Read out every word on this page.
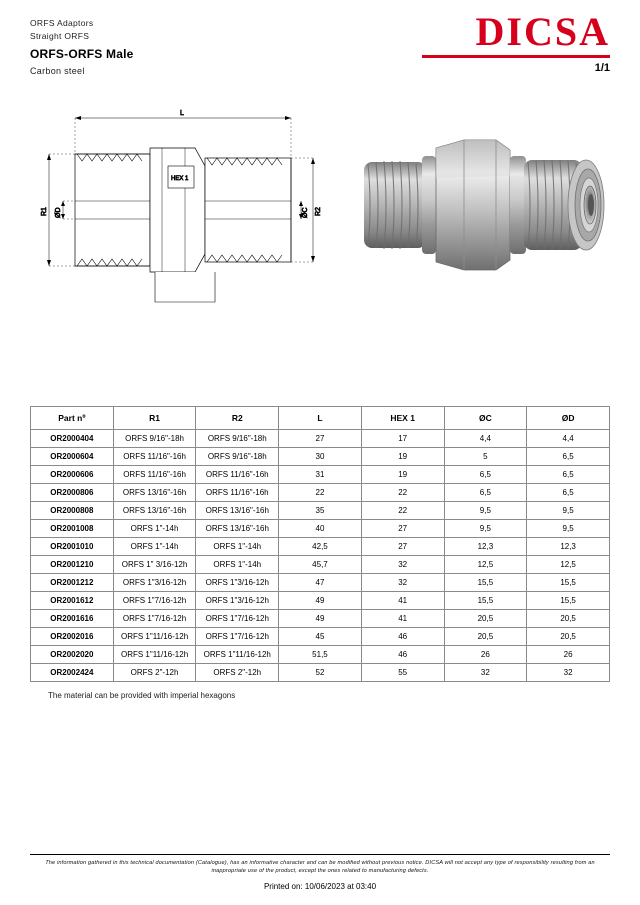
ORFS Adaptors
Straight ORFS
ORFS-ORFS Male
Carbon steel
DICSA
1/1
L
HEX 1
R1 ØD	R2
ØC
Part nº	R1	R2	L	HEX 1	ØC	ØD
OR2000404	ORFS 9/16"-18h	ORFS 9/16"-18h	27	17	4,4	4,4
OR2000604	ORFS 11/16"-16h	ORFS 9/16"-18h	30	19	5	6,5
OR2000606	ORFS 11/16"-16h	ORFS 11/16"-16h	31	19	6,5	6,5
OR2000806	ORFS 13/16"-16h	ORFS 11/16"-16h	22	22	6,5	6,5
OR2000808	ORFS 13/16"-16h	ORFS 13/16"-16h	35	22	9,5	9,5
OR2001008	ORFS 1"-14h	ORFS 13/16"-16h	40	27	9,5	9,5
OR2001010	ORFS 1"-14h	ORFS 1"-14h	42,5	27	12,3	12,3
OR2001210	ORFS 1" 3/16-12h	ORFS 1"-14h	45,7	32	12,5	12,5
OR2001212	ORFS 1"3/16-12h	ORFS 1"3/16-12h	47	32	15,5	15,5
OR2001612	ORFS 1"7/16-12h	ORFS 1"3/16-12h	49	41	15,5	15,5
OR2001616	ORFS 1"7/16-12h	ORFS 1"7/16-12h	49	41	20,5	20,5
OR2002016	ORFS 1"11/16-12h	ORFS 1"7/16-12h	45	46	20,5	20,5
OR2002020	ORFS 1"11/16-12h	ORFS 1"11/16-12h	51,5	46	26	26
OR2002424	ORFS 2"-12h	ORFS 2"-12h	52	55	32	32
The material can be provided with imperial hexagons
The information gathered in this technical documentation (Catalogue), has an informative character and can be modified without previous notice. DICSA will not accept any type of responsibility resulting from an inappropriate use of the product, except the ones related to manufacturing defects.
Printed on: 10/06/2023 at 03:40
